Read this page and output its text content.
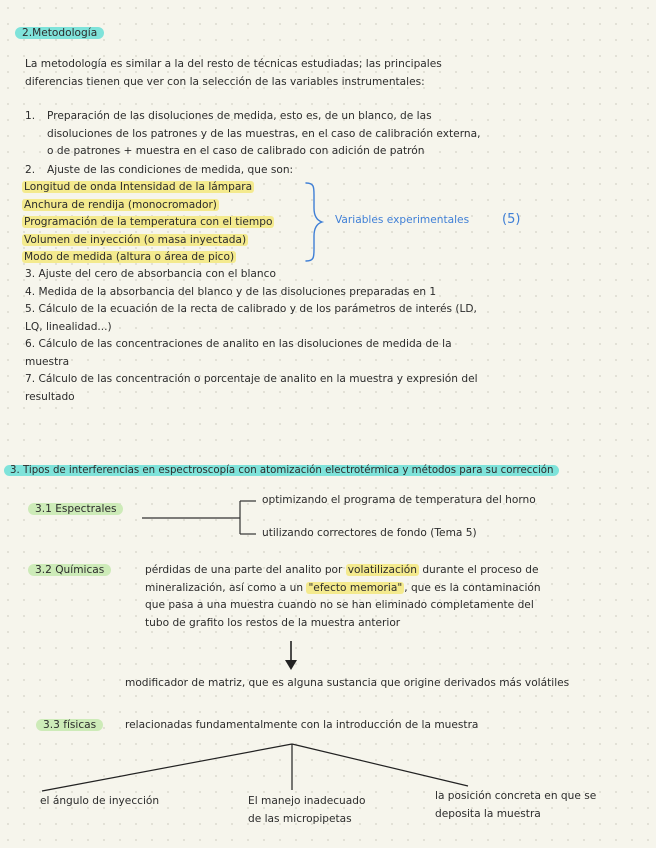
2.Metodología
La metodología es similar a la del resto de técnicas estudiadas; las principales
diferencias tienen que ver con la selección de las variables instrumentales:
1. Preparación de las disoluciones de medida, esto es, de un blanco, de las
disoluciones de los patrones y de las muestras, en el caso de calibración externa,
o de patrones + muestra en el caso de calibrado con adición de patrón
2. Ajuste de las condiciones de medida, que son:
Longitud de onda Intensidad de la lámpara
Anchura de rendija (monocromador)
Programación de la temperatura con el tiempo
Volumen de inyección (o masa inyectada)
Modo de medida (altura o área de pico)
Variables experimentales	(5)
3. Ajuste del cero de absorbancia con el blanco
4. Medida de la absorbancia del blanco y de las disoluciones preparadas en 1
5. Cálculo de la ecuación de la recta de calibrado y de los parámetros de interés (LD,
LQ, linealidad...)
6. Cálculo de las concentraciones de analito en las disoluciones de medida de la
muestra
7. Cálculo de las concentración o porcentaje de analito en la muestra y expresión del
resultado
3. Tipos de interferencias en espectroscopía con atomización electrotérmica y métodos para su corrección
3.1 Espectrales
optimizando el programa de temperatura del horno
utilizando correctores de fondo (Tema 5)
3.2 Químicas	pérdidas de una parte del analito por volatilización durante el proceso de
mineralización, así como a un "efecto memoria" , que es la contaminación
que pasa a una muestra cuando no se han eliminado completamente del
tubo de grafito los restos de la muestra anterior
modificador de matriz, que es alguna sustancia que origine derivados más volátiles
3.3 físicas	relacionadas fundamentalmente con la introducción de la muestra
el ángulo de inyección	El manejo inadecuado
de las micropipetas
la posición concreta en que se
deposita la muestra
